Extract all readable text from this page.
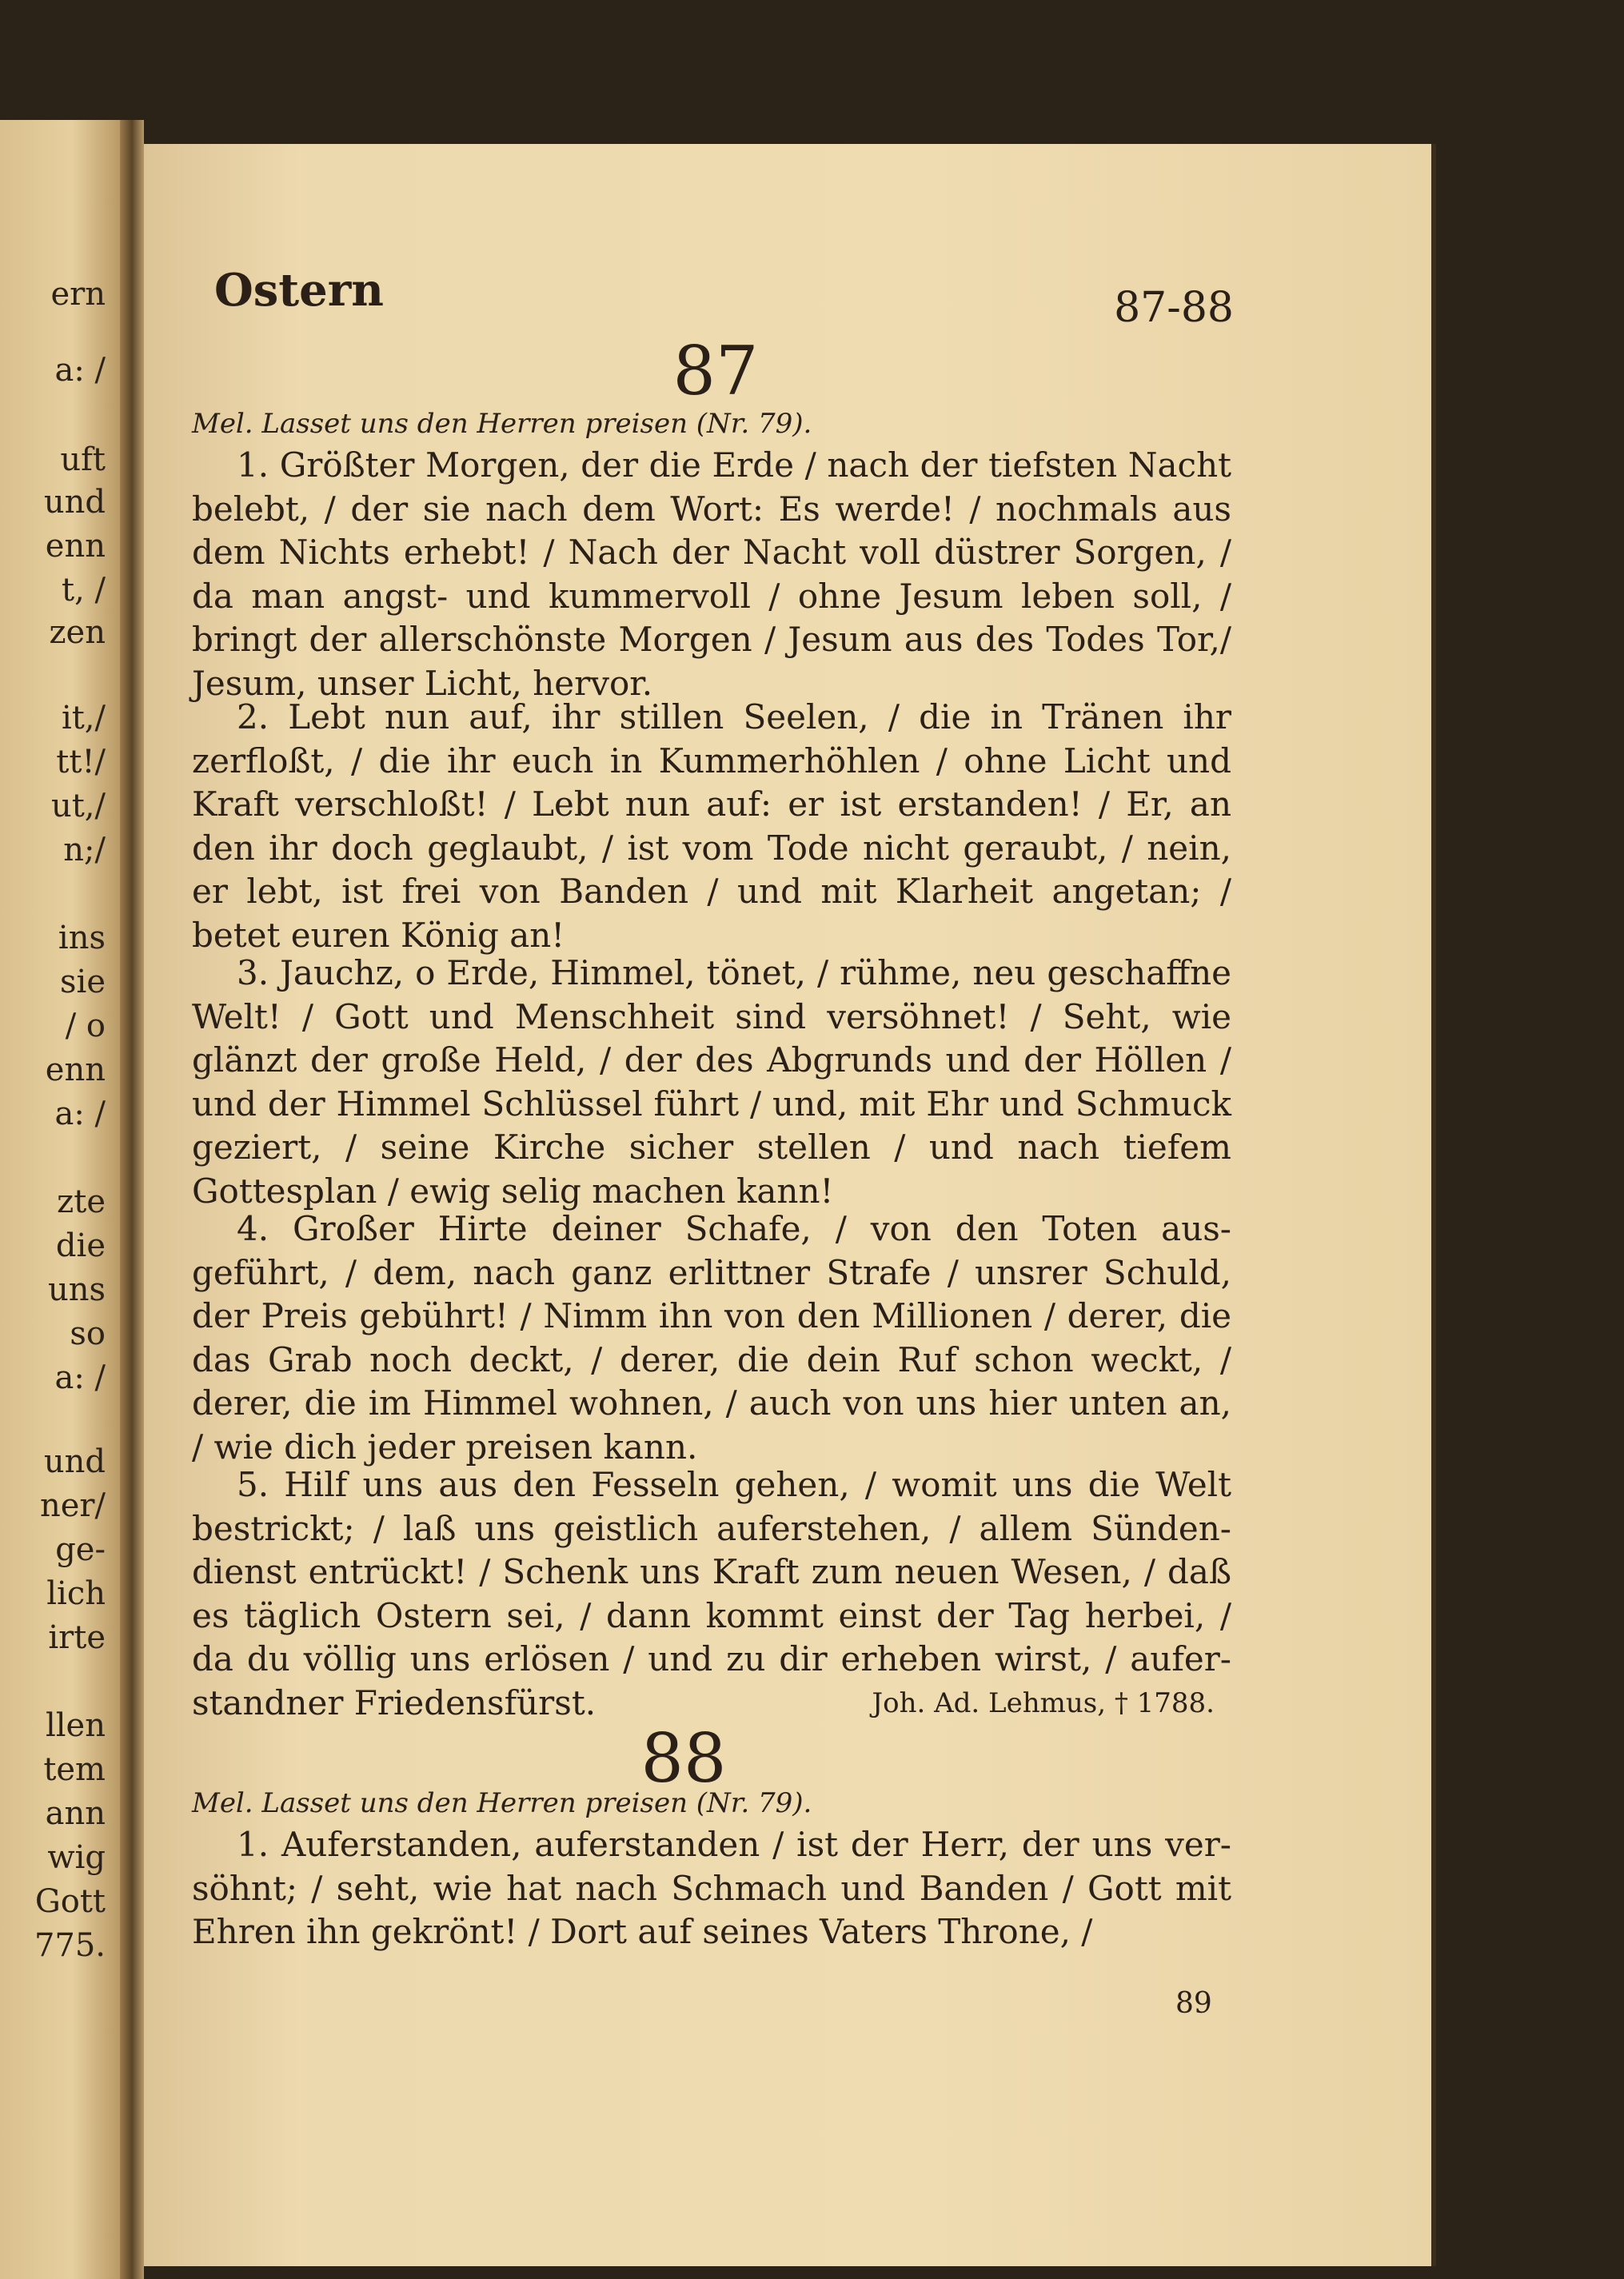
ern
a: /
uft
und
enn
t, /
zen
it,/
tt!/
ut,/
n;/
ins
sie
/ o
enn
a: /
zte
die
uns
so
a: /
und
ner/
ge-
lich
irte
llen
tem
ann
wig
Gott
775.
Ostern	87-88
87
Mel. Lasset uns den Herren preisen (Nr. 79).
1. Größter Morgen, der die Erde / nach der tiefsten Nacht belebt, / der sie nach dem Wort: Es werde! / nochmals aus dem Nichts erhebt! / Nach der Nacht voll düstrer Sorgen, / da man angst- und kummervoll / ohne Jesum leben soll, / bringt der allerschönste Morgen / Jesum aus des Todes Tor,/ Jesum, unser Licht, hervor.
2. Lebt nun auf, ihr stillen Seelen, / die in Tränen ihr zerfloßt, / die ihr euch in Kummerhöhlen / ohne Licht und Kraft verschloßt! / Lebt nun auf: er ist erstanden! / Er, an den ihr doch geglaubt, / ist vom Tode nicht geraubt, / nein, er lebt, ist frei von Banden / und mit Klarheit angetan; / betet euren König an!
3. Jauchz, o Erde, Himmel, tönet, / rühme, neu geschaffne Welt! / Gott und Menschheit sind versöhnet! / Seht, wie glänzt der große Held, / der des Abgrunds und der Höllen / und der Himmel Schlüssel führt / und, mit Ehr und Schmuck geziert, / seine Kirche sicher stellen / und nach tiefem Gottesplan / ewig selig machen kann!
4. Großer Hirte deiner Schafe, / von den Toten aus- geführt, / dem, nach ganz erlittner Strafe / unsrer Schuld, der Preis gebührt! / Nimm ihn von den Millionen / derer, die das Grab noch deckt, / derer, die dein Ruf schon weckt, / derer, die im Himmel wohnen, / auch von uns hier unten an, / wie dich jeder preisen kann.
5. Hilf uns aus den Fesseln gehen, / womit uns die Welt bestrickt; / laß uns geistlich auferstehen, / allem Sünden- dienst entrückt! / Schenk uns Kraft zum neuen Wesen, / daß es täglich Ostern sei, / dann kommt einst der Tag herbei, / da du völlig uns erlösen / und zu dir erheben wirst, / aufer- standner Friedensfürst.	Joh. Ad. Lehmus, † 1788.
88
Mel. Lasset uns den Herren preisen (Nr. 79).
1. Auferstanden, auferstanden / ist der Herr, der uns ver- söhnt; / seht, wie hat nach Schmach und Banden / Gott mit Ehren ihn gekrönt! / Dort auf seines Vaters Throne, /
89
